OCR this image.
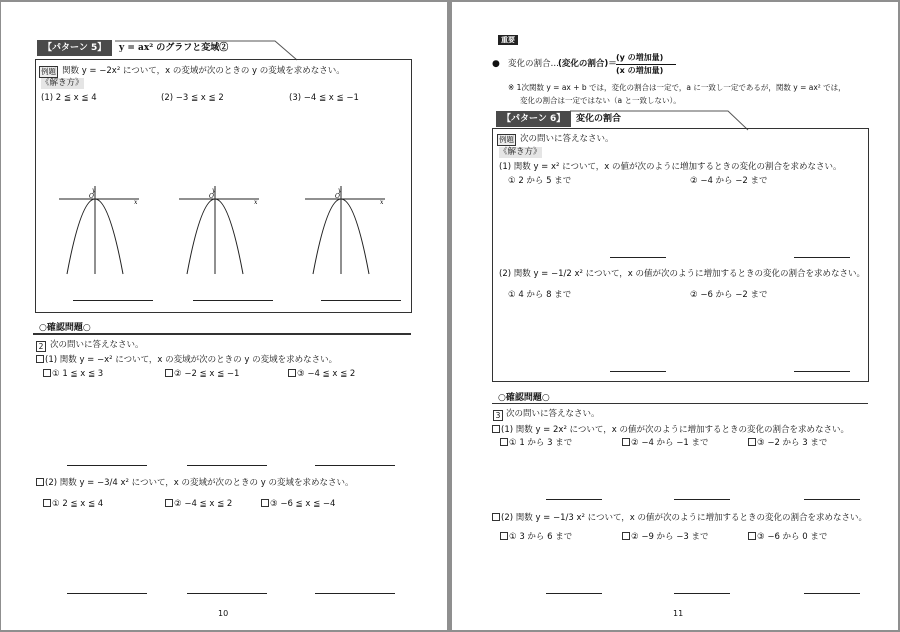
【パターン 5】	y = ax² のグラフと変域②
例題 関数 y = −2x² について，x の変域が次のときの y の変域を求めなさい。
《解き方》
(1) 2 ≦ x ≦ 4	(2) −3 ≦ x ≦ 2	(3) −4 ≦ x ≦ −1
x
y
O
x
y
O
x
y
O
○確認問題○
2 次の問いに答えなさい。
(1) 関数 y = −x² について，x の変域が次のときの y の変域を求めなさい。
① 1 ≦ x ≦ 3	② −2 ≦ x ≦ −1	③ −4 ≦ x ≦ 2
(2) 関数 y = −3/4 x² について，x の変域が次のときの y の変域を求めなさい。
① 2 ≦ x ≦ 4	② −4 ≦ x ≦ 2	③ −6 ≦ x ≦ −4
10
重要
● 変化の割合…
(変化の割合)＝
(y の増加量)
(x の増加量)
※ 1次関数 y = ax + b では，変化の割合は一定で，a に一致し一定であるが，関数 y = ax² では，
変化の割合は一定ではない（a と一致しない）。
【パターン 6】	変化の割合
例題 次の問いに答えなさい。
《解き方》
(1) 関数 y = x² について，x の値が次のように増加するときの変化の割合を求めなさい。
① 2 から 5 まで	② −4 から −2 まで
(2) 関数 y = −1/2 x² について，x の値が次のように増加するときの変化の割合を求めなさい。
① 4 から 8 まで	② −6 から −2 まで
○確認問題○
3 次の問いに答えなさい。
(1) 関数 y = 2x² について，x の値が次のように増加するときの変化の割合を求めなさい。
① 1 から 3 まで	② −4 から −1 まで	③ −2 から 3 まで
(2) 関数 y = −1/3 x² について，x の値が次のように増加するときの変化の割合を求めなさい。
① 3 から 6 まで	② −9 から −3 まで	③ −6 から 0 まで
11
